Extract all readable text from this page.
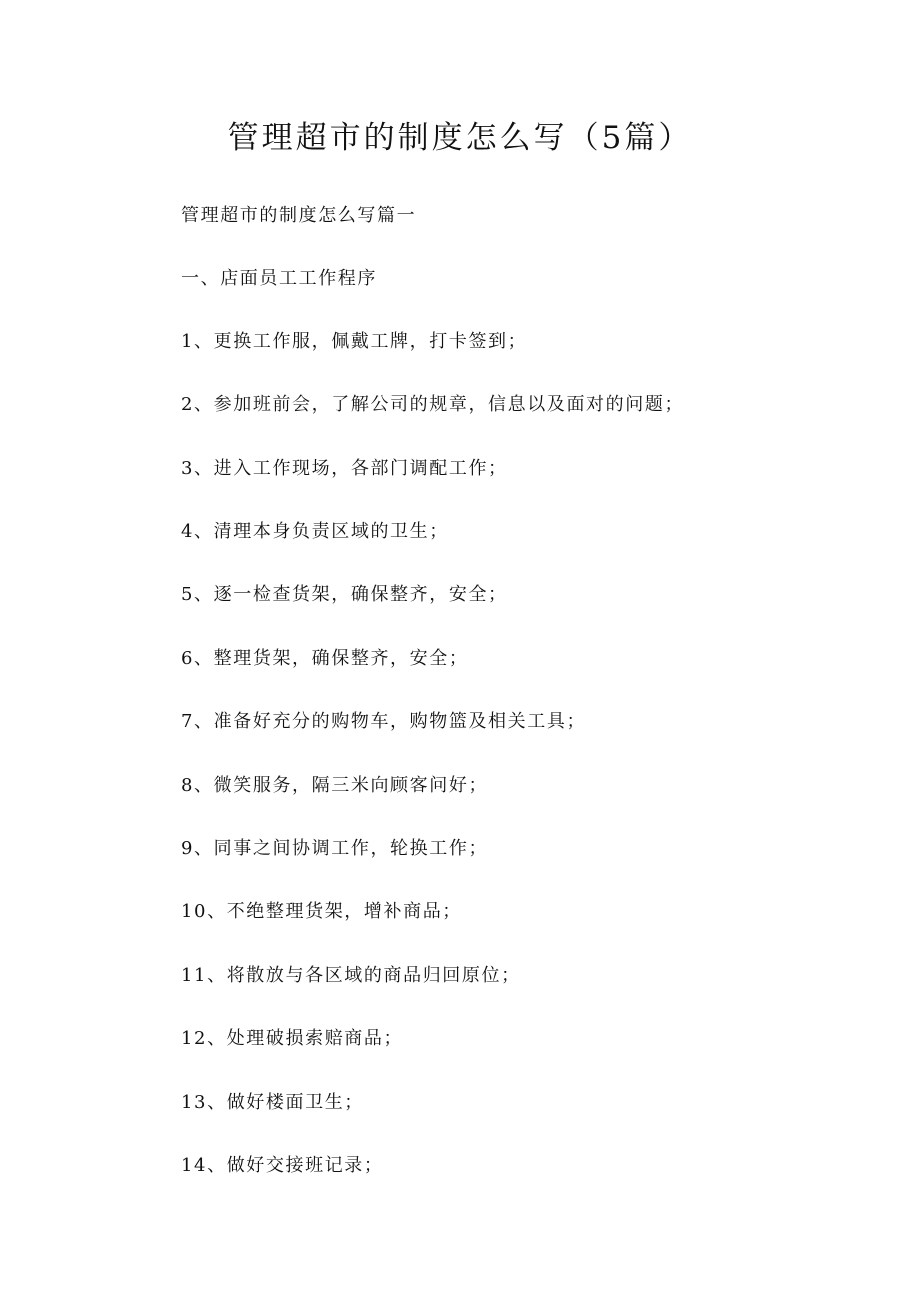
管理超市的制度怎么写（5篇）

管理超市的制度怎么写篇一

一、店面员工工作程序

1、更换工作服，佩戴工牌，打卡签到；

2、参加班前会，了解公司的规章，信息以及面对的问题；

3、进入工作现场，各部门调配工作；

4、清理本身负责区域的卫生；

5、逐一检查货架，确保整齐，安全；

6、整理货架，确保整齐，安全；

7、准备好充分的购物车，购物篮及相关工具；

8、微笑服务，隔三米向顾客问好；

9、同事之间协调工作，轮换工作；

10、不绝整理货架，增补商品；

11、将散放与各区域的商品归回原位；

12、处理破损索赔商品；

13、做好楼面卫生；

14、做好交接班记录；
